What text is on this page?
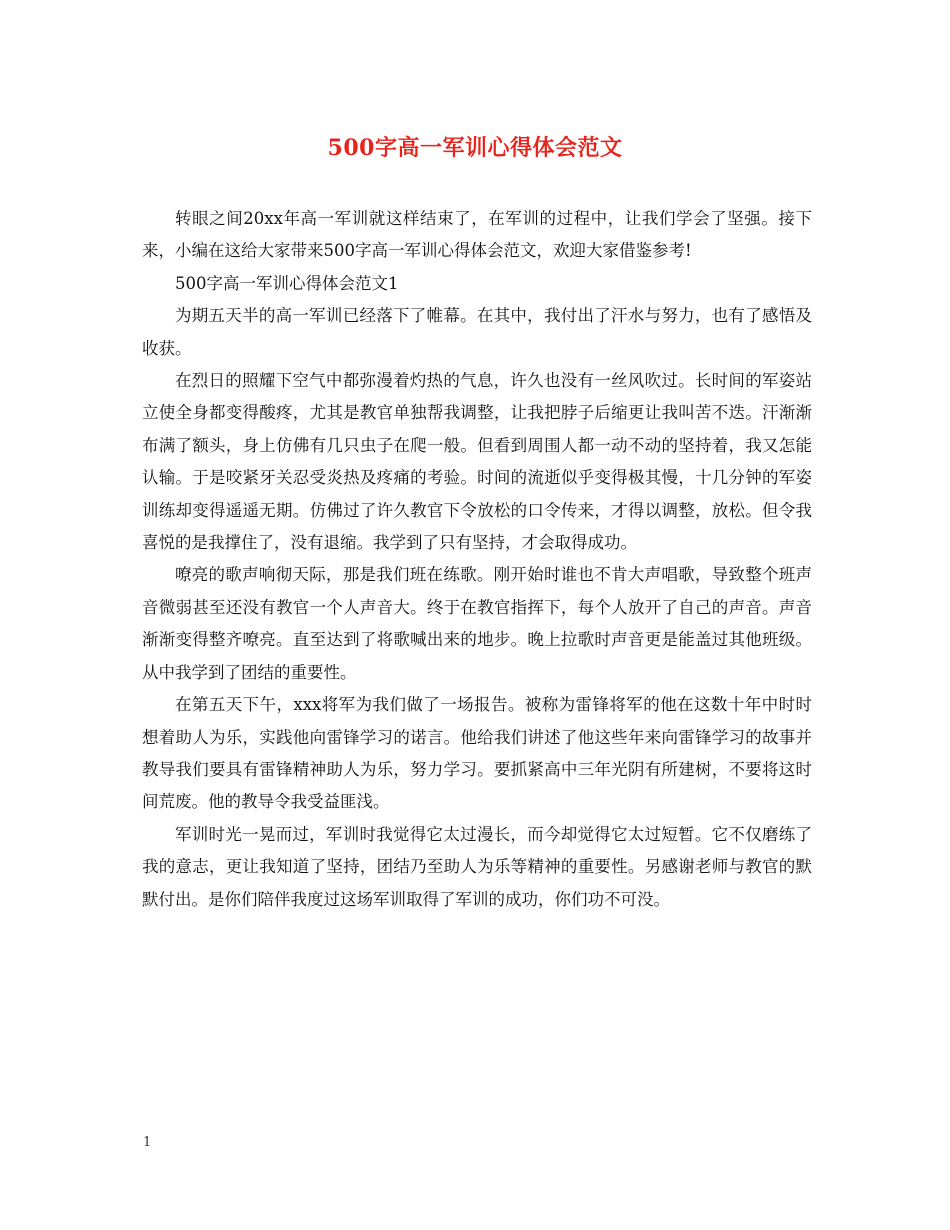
500字高一军训心得体会范文

转眼之间20xx年高一军训就这样结束了，在军训的过程中，让我们学会了坚强。接下来，小编在这给大家带来500字高一军训心得体会范文，欢迎大家借鉴参考!

500字高一军训心得体会范文1

为期五天半的高一军训已经落下了帷幕。在其中，我付出了汗水与努力，也有了感悟及收获。

在烈日的照耀下空气中都弥漫着灼热的气息，许久也没有一丝风吹过。长时间的军姿站立使全身都变得酸疼，尤其是教官单独帮我调整，让我把脖子后缩更让我叫苦不迭。汗渐渐布满了额头，身上仿佛有几只虫子在爬一般。但看到周围人都一动不动的坚持着，我又怎能认输。于是咬紧牙关忍受炎热及疼痛的考验。时间的流逝似乎变得极其慢，十几分钟的军姿训练却变得遥遥无期。仿佛过了许久教官下令放松的口令传来，才得以调整，放松。但令我喜悦的是我撑住了，没有退缩。我学到了只有坚持，才会取得成功。

嘹亮的歌声响彻天际，那是我们班在练歌。刚开始时谁也不肯大声唱歌，导致整个班声音微弱甚至还没有教官一个人声音大。终于在教官指挥下，每个人放开了自己的声音。声音渐渐变得整齐嘹亮。直至达到了将歌喊出来的地步。晚上拉歌时声音更是能盖过其他班级。从中我学到了团结的重要性。

在第五天下午，xxx将军为我们做了一场报告。被称为雷锋将军的他在这数十年中时时想着助人为乐，实践他向雷锋学习的诺言。他给我们讲述了他这些年来向雷锋学习的故事并教导我们要具有雷锋精神助人为乐，努力学习。要抓紧高中三年光阴有所建树，不要将这时间荒废。他的教导令我受益匪浅。

军训时光一晃而过，军训时我觉得它太过漫长，而今却觉得它太过短暂。它不仅磨练了我的意志，更让我知道了坚持，团结乃至助人为乐等精神的重要性。另感谢老师与教官的默默付出。是你们陪伴我度过这场军训取得了军训的成功，你们功不可没。

1
